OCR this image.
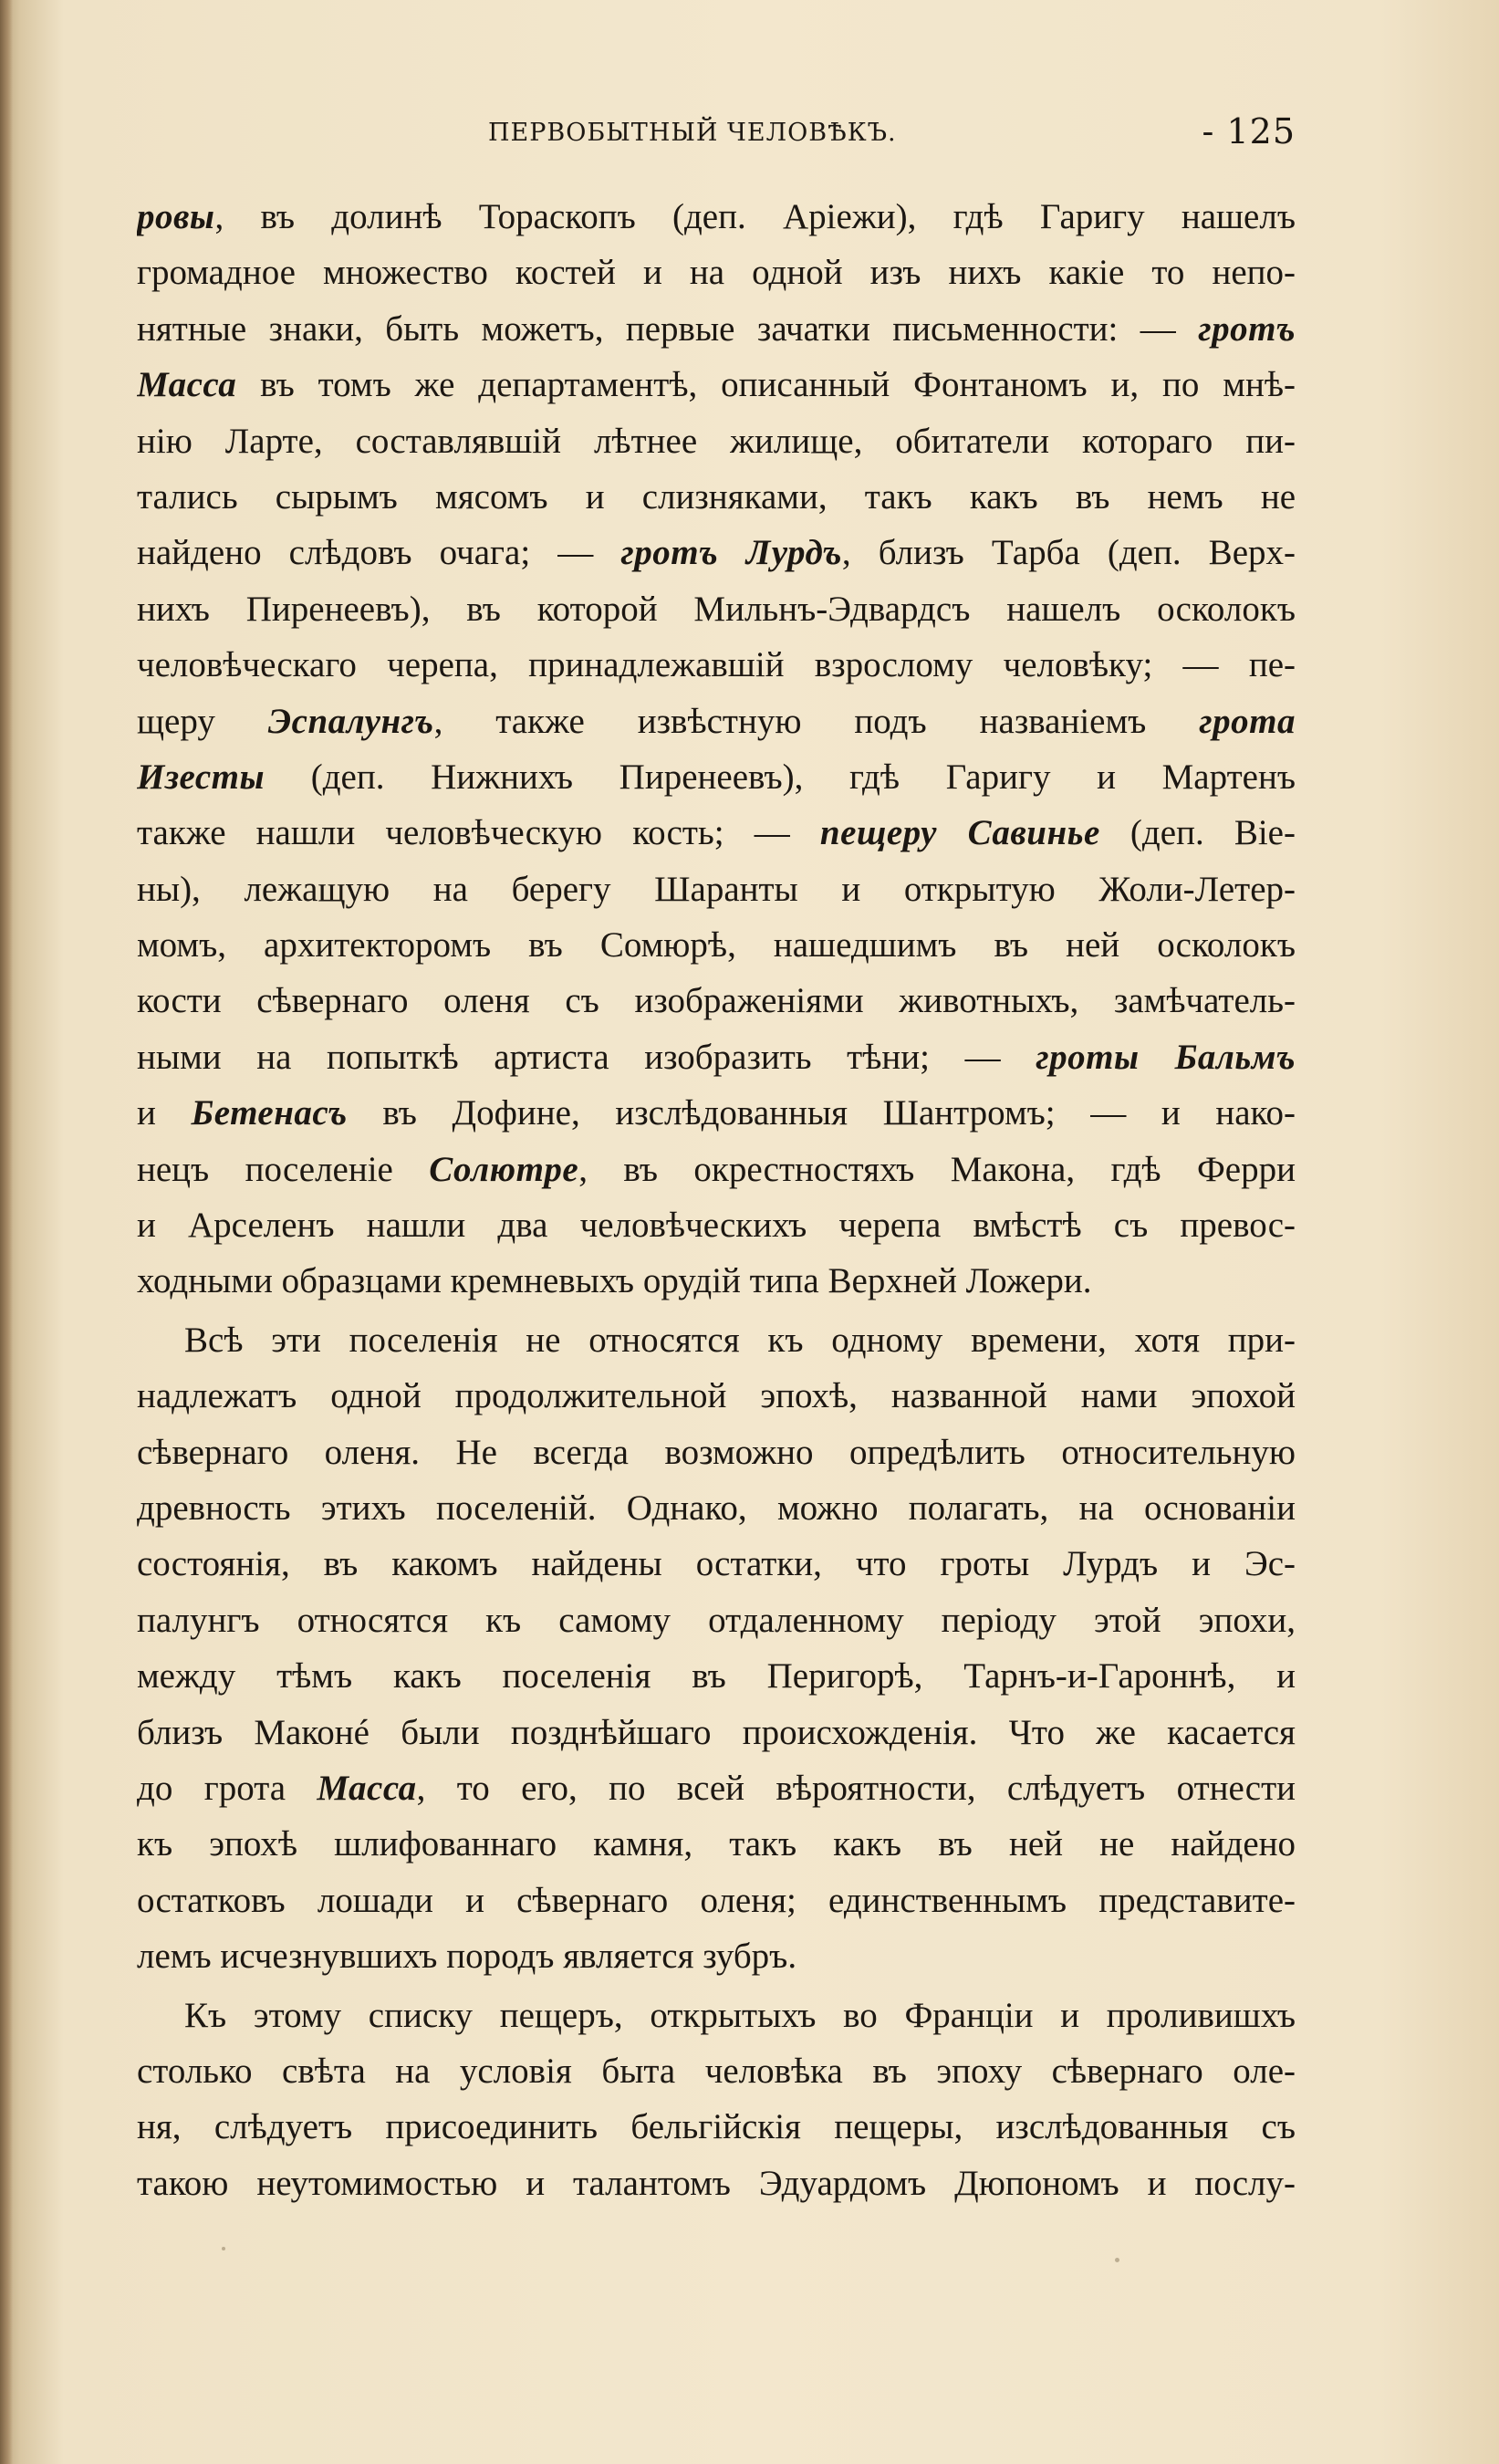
ПЕРВОБЫТНЫЙ ЧЕЛОВѢКЪ.	- 125
ровы, въ долинѣ Тораскопъ (деп. Аріежи), гдѣ Гаригу нашелъ
громадное множество костей и на одной изъ нихъ какіе то непо-
нятные знаки, быть можетъ, первые зачатки письменности: — гротъ
Масса въ томъ же департаментѣ, описанный Фонтаномъ и, по мнѣ-
нію Ларте, составлявшій лѣтнее жилище, обитатели котораго пи-
тались сырымъ мясомъ и слизняками, такъ какъ въ немъ не
найдено слѣдовъ очага; — гротъ Лурдъ, близъ Тарба (деп. Верх-
нихъ Пиренеевъ), въ которой Мильнъ-Эдвардсъ нашелъ осколокъ
человѣческаго черепа, принадлежавшій взрослому человѣку; — пе-
щеру Эспалунгъ, также извѣстную подъ названіемъ грота
Изесты (деп. Нижнихъ Пиренеевъ), гдѣ Гаригу и Мартенъ
также нашли человѣческую кость; — пещеру Савинье (деп. Віе-
ны), лежащую на берегу Шаранты и открытую Жоли-Летер-
момъ, архитекторомъ въ Сомюрѣ, нашедшимъ въ ней осколокъ
кости сѣвернаго оленя съ изображеніями животныхъ, замѣчатель-
ными на попыткѣ артиста изобразить тѣни; — гроты Бальмъ
и Бетенасъ въ Дофине, изслѣдованныя Шантромъ; — и нако-
нецъ поселеніе Солютре, въ окрестностяхъ Макона, гдѣ Ферри
и Арселенъ нашли два человѣческихъ черепа вмѣстѣ съ превос-
ходными образцами кремневыхъ орудій типа Верхней Ложери.
Всѣ эти поселенія не относятся къ одному времени, хотя при-
надлежатъ одной продолжительной эпохѣ, названной нами эпохой
сѣвернаго оленя. Не всегда возможно опредѣлить относительную
древность этихъ поселеній. Однако, можно полагать, на основаніи
состоянія, въ какомъ найдены остатки, что гроты Лурдъ и Эс-
палунгъ относятся къ самому отдаленному періоду этой эпохи,
между тѣмъ какъ поселенія въ Перигорѣ, Тарнъ-и-Гароннѣ, и
близъ Маконé были позднѣйшаго происхожденія. Что же касается
до грота Масса, то его, по всей вѣроятности, слѣдуетъ отнести
къ эпохѣ шлифованнаго камня, такъ какъ въ ней не найдено
остатковъ лошади и сѣвернаго оленя; единственнымъ представите-
лемъ исчезнувшихъ породъ является зубръ.
Къ этому списку пещеръ, открытыхъ во Франціи и проливишхъ
столько свѣта на условія быта человѣка въ эпоху сѣвернаго оле-
ня, слѣдуетъ присоединить бельгійскія пещеры, изслѣдованныя съ
такою неутомимостью и талантомъ Эдуардомъ Дюпономъ и послу-
